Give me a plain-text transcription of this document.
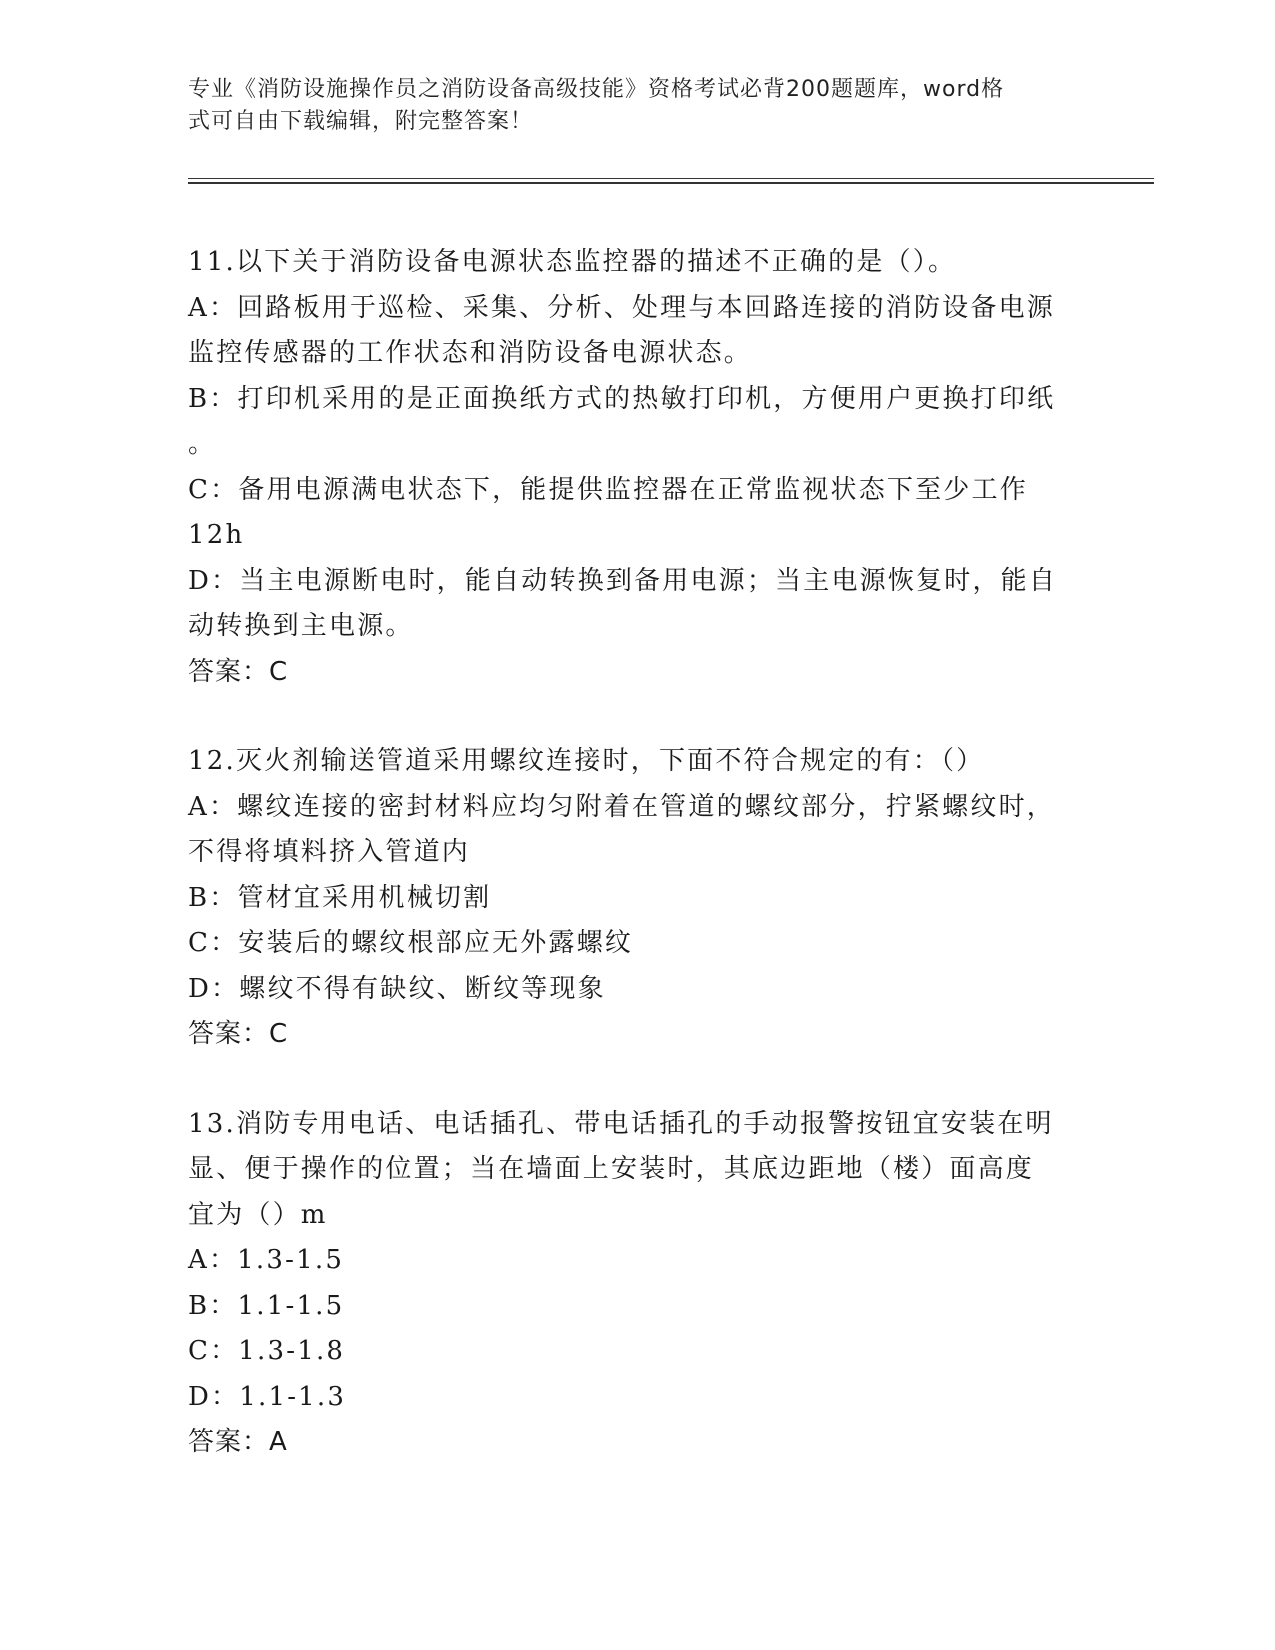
专业《消防设施操作员之消防设备高级技能》资格考试必背200题题库，word格
式可自由下载编辑，附完整答案！
11.以下关于消防设备电源状态监控器的描述不正确的是（）。
A：回路板用于巡检、采集、分析、处理与本回路连接的消防设备电源
监控传感器的工作状态和消防设备电源状态。
B：打印机采用的是正面换纸方式的热敏打印机，方便用户更换打印纸
。
C：备用电源满电状态下，能提供监控器在正常监视状态下至少工作
12h
D：当主电源断电时，能自动转换到备用电源；当主电源恢复时，能自
动转换到主电源。
答案：C
12.灭火剂输送管道采用螺纹连接时，下面不符合规定的有：（）
A：螺纹连接的密封材料应均匀附着在管道的螺纹部分，拧紧螺纹时，
不得将填料挤入管道内
B：管材宜采用机械切割
C：安装后的螺纹根部应无外露螺纹
D：螺纹不得有缺纹、断纹等现象
答案：C
13.消防专用电话、电话插孔、带电话插孔的手动报警按钮宜安装在明
显、便于操作的位置；当在墙面上安装时，其底边距地（楼）面高度
宜为（）m
A：1.3-1.5
B：1.1-1.5
C：1.3-1.8
D：1.1-1.3
答案：A
